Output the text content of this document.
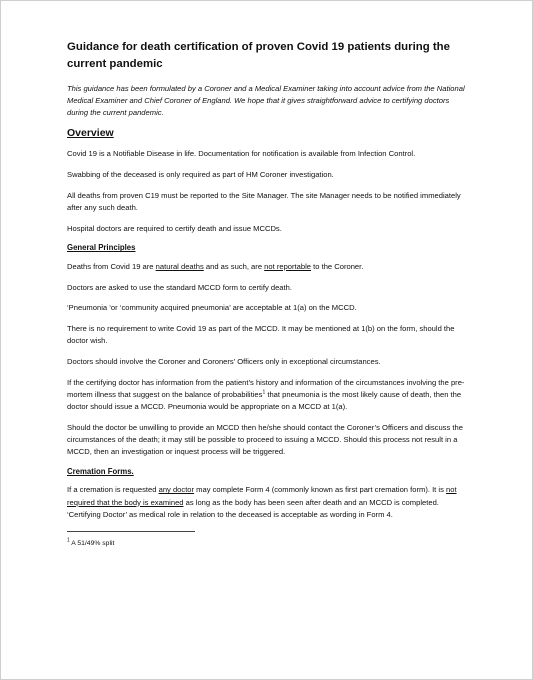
Guidance for death certification of proven Covid 19 patients during the current pandemic
This guidance has been formulated by a Coroner and a Medical Examiner taking into account advice from the National Medical Examiner and Chief Coroner of England. We hope that it gives straightforward advice to certifying doctors during the current pandemic.
Overview
Covid 19 is a Notifiable Disease in life. Documentation for notification is available from Infection Control.
Swabbing of the deceased is only required as part of HM Coroner investigation.
All deaths from proven C19 must be reported to the Site Manager. The site Manager needs to be notified immediately after any such death.
Hospital doctors are required to certify death and issue MCCDs.
General Principles
Deaths from Covid 19 are natural deaths and as such, are not reportable to the Coroner.
Doctors are asked to use the standard MCCD form to certify death.
‘Pneumonia ‘or ‘community acquired pneumonia’ are acceptable at 1(a) on the MCCD.
There is no requirement to write Covid 19 as part of the MCCD. It may be mentioned at 1(b) on the form, should the doctor wish.
Doctors should involve the Coroner and Coroners’ Officers only in exceptional circumstances.
If the certifying doctor has information from the patient’s history and information of the circumstances involving the pre-mortem illness that suggest on the balance of probabilities$^1$ that pneumonia is the most likely cause of death, then the doctor should issue a MCCD. Pneumonia would be appropriate on a MCCD at 1(a).
Should the doctor be unwilling to provide an MCCD then he/she should contact the Coroner’s Officers and discuss the circumstances of the death; it may still be possible to proceed to issuing a MCCD. Should this process not result in a MCCD, then an investigation or inquest process will be triggered.
Cremation Forms.
If a cremation is requested any doctor may complete Form 4 (commonly known as first part cremation form). It is not required that the body is examined as long as the body has been seen after death and an MCCD is completed. ‘Certifying Doctor’ as medical role in relation to the deceased is acceptable as wording in Form 4.
$^1$ A 51/49% split
